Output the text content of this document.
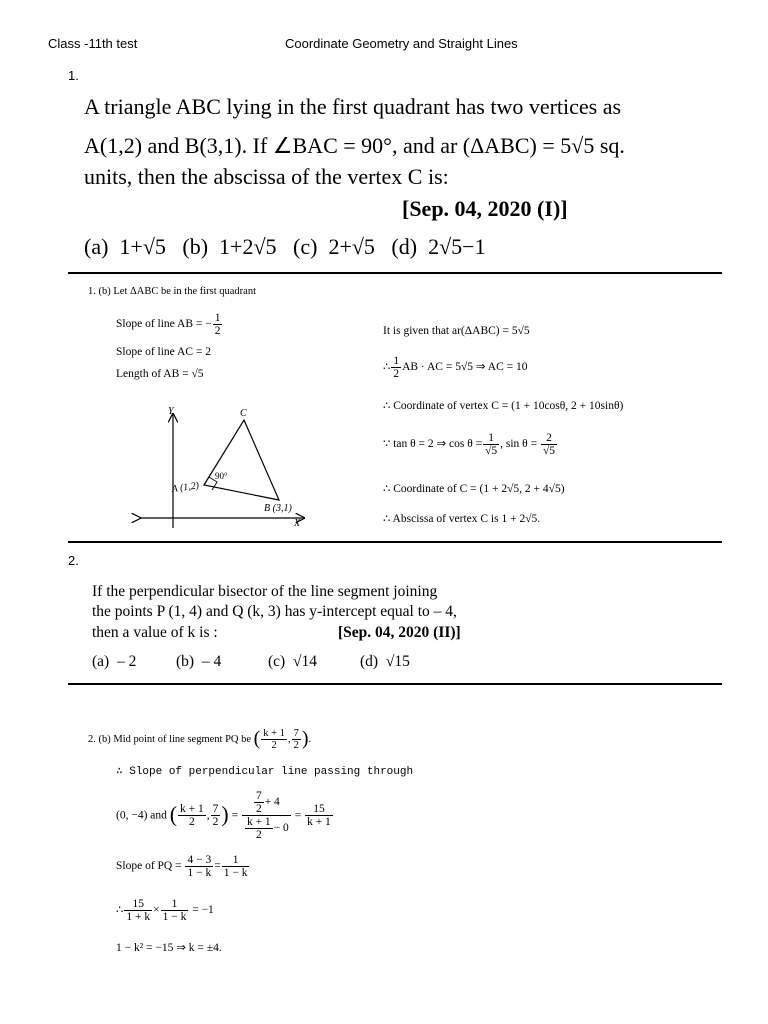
Class -11th test	Coordinate Geometry and Straight Lines
1.
A triangle ABC lying in the first quadrant has two vertices as
A(1,2) and B(3,1). If ∠BAC = 90°, and ar (ΔABC) = 5√5 sq.
units, then the abscissa of the vertex C is:
[Sep. 04, 2020 (I)]
(a)  1+√5   (b)  1+2√5   (c)  2+√5   (d)  2√5−1
1. (b) Let ΔABC be in the first quadrant
Slope of line AB = − $\frac{1}{2}$
Slope of line AC = 2
Length of AB = √5
It is given that ar(ΔABC) = 5√5
∴ $\frac{1}{2}$ AB · AC = 5√5 ⇒ AC = 10
∴ Coordinate of vertex C = (1 + 10cosθ, 2 + 10sinθ)
∵ tan θ = 2 ⇒ $\cos \theta = \frac{1}{√5}$ , $\sin \theta = \frac{2}{√5}$
∴ Coordinate of C = (1 + 2√5, 2 + 4√5)
∴ Abscissa of vertex C is 1 + 2√5.
Y
X
C
A (1,2)
B (3,1)
90°
2.
If the perpendicular bisector of the line segment joining
the points P (1, 4) and Q (k, 3) has y-intercept equal to – 4,
then a value of k is :	[Sep. 04, 2020 (II)]
(a)  – 2	(b)  – 4	(c)  √14	(d)  √15
2. (b) Mid point of line segment PQ be ( $\frac{k + 1}{2}$ , $\frac{7}{2}$ ).
∴ Slope of perpendicular line passing through
(0, −4) and ( $\frac{k + 1}{2}$ , $\frac{7}{2}$ ) = $\frac{\frac{7}{2} + 4}{\frac{k + 1}{2} - 0} = \frac{15}{k + 1}$
Slope of PQ = $\frac{4 - 3}{1 - k} = \frac{1}{1 - k}$
∴ $\frac{15}{1 + k} \times \frac{1}{1 - k} = -1$
1 − k² = −15 ⇒ k = ±4.
